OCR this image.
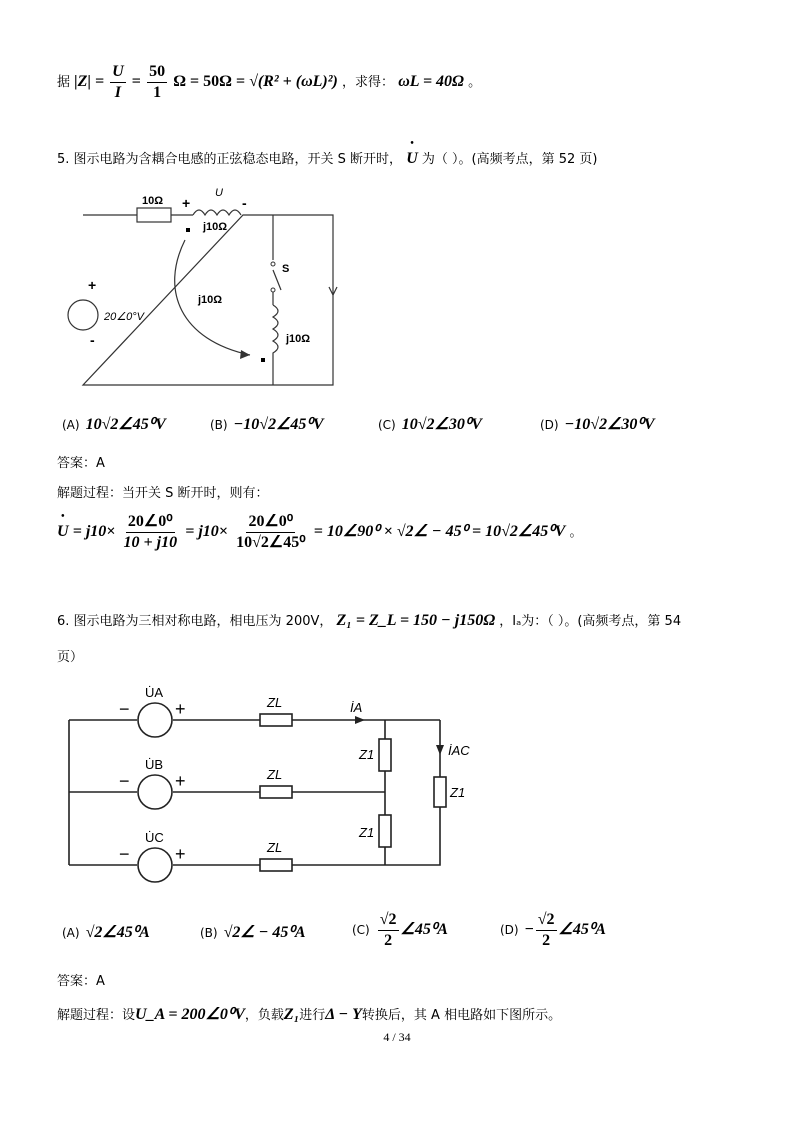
据 $|Z| = \frac{U}{I} = \frac{50}{1}$ Ω = 50Ω = √(R² + (ωL)²) ，求得： ωL = 40Ω 。
5. 图示电路为含耦合电感的正弦稳态电路，开关 S 断开时， • U 为（ ）。(高频考点，第 52 页)
10Ω +	-
U
j10Ω
S
j10Ω
j10Ω
20∠0°V
+
-
(A) 10√2∠45⁰V	(B) −10√2∠45⁰V	(C) 10√2∠30⁰V	(D) −10√2∠30⁰V
答案：A
解题过程：当开关 S 断开时，则有：
• $U = j10\times \frac{\text{20∠0⁰}}{10 + j10} = j10\times \frac{\text{20∠0⁰}}{\text{10√2∠45⁰}}$ = 10∠90⁰ × √2∠ − 45⁰ = 10√2∠45⁰V 。
6. 图示电路为三相对称电路，相电压为 200V， Z₁ = Z_L = 150 − j150Ω ，Iₐ为：（ ）。(高频考点，第 54
页）
U̇A
U̇B
U̇C
−	+
−	+
−	+
ZL
ZL
ZL
İA
İAC
Z1
Z1
Z1
(A) √2∠45⁰A	(B) √2∠ − 45⁰A	$(C) \frac{√2}{2}$ ∠45⁰A	$(D) - \frac{√2}{2}$ ∠45⁰A
答案：A
解题过程：设U_A = 200∠0⁰V，负载Z₁进行Δ − Y转换后，其 A 相电路如下图所示。
4 / 34
